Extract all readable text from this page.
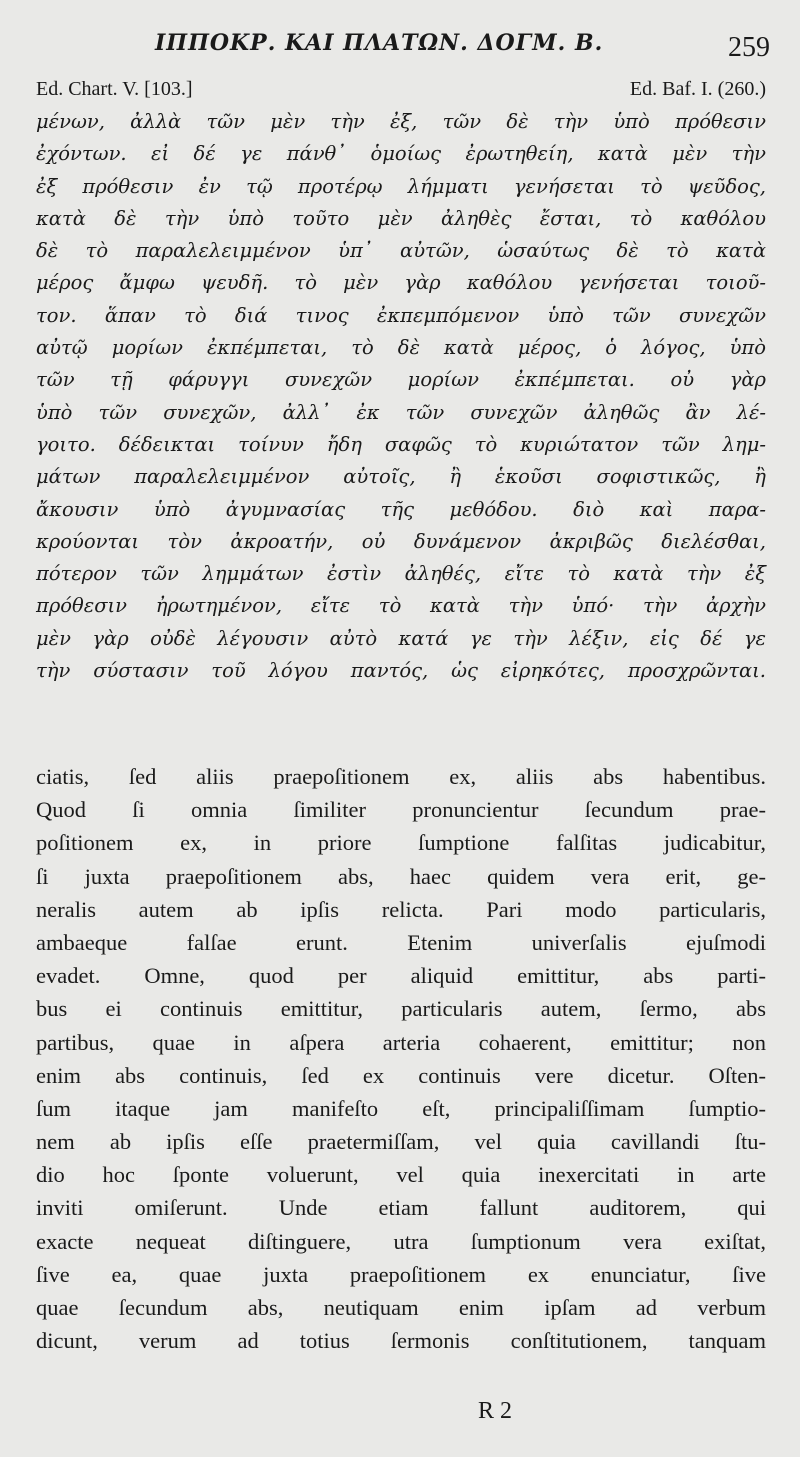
ΙΠΠΟΚΡ. ΚΑΙ ΠΛΑΤΩΝ. ΔΟΓΜ. Β.	259
Ed. Chart. V. [103.]	Ed. Baf. I. (260.)
μένων, ἀλλὰ τῶν μὲν τὴν ἐξ, τῶν δὲ τὴν ὑπὸ πρόθεσιν
ἐχόντων. εἰ δέ γε πάνθ᾽ ὁμοίως ἐρωτηθείη, κατὰ μὲν τὴν
ἐξ πρόθεσιν ἐν τῷ προτέρῳ λήμματι γενήσεται τὸ ψεῦδος,
κατὰ δὲ τὴν ὑπὸ τοῦτο μὲν ἀληθὲς ἔσται, τὸ καθόλου
δὲ τὸ παραλελειμμένον ὑπ᾽ αὐτῶν, ὡσαύτως δὲ τὸ κατὰ
μέρος ἄμφω ψευδῆ. τὸ μὲν γὰρ καθόλου γενήσεται τοιοῦ-
τον. ἅπαν τὸ διά τινος ἐκπεμπόμενον ὑπὸ τῶν συνεχῶν
αὐτῷ μορίων ἐκπέμπεται, τὸ δὲ κατὰ μέρος, ὁ λόγος, ὑπὸ
τῶν τῇ φάρυγγι συνεχῶν μορίων ἐκπέμπεται. οὐ γὰρ
ὑπὸ τῶν συνεχῶν, ἀλλ᾽ ἐκ τῶν συνεχῶν ἀληθῶς ἂν λέ-
γοιτο. δέδεικται τοίνυν ἤδη σαφῶς τὸ κυριώτατον τῶν λημ-
μάτων παραλελειμμένον αὐτοῖς, ἢ ἑκοῦσι σοφιστικῶς, ἢ
ἄκουσιν ὑπὸ ἀγυμνασίας τῆς μεθόδου. διὸ καὶ παρα-
κρούονται τὸν ἀκροατήν, οὐ δυνάμενον ἀκριβῶς διελέσθαι,
πότερον τῶν λημμάτων ἐστὶν ἀληθές, εἴτε τὸ κατὰ τὴν ἐξ
πρόθεσιν ἠρωτημένον, εἴτε τὸ κατὰ τὴν ὑπό· τὴν ἀρχὴν
μὲν γὰρ οὐδὲ λέγουσιν αὐτὸ κατά γε τὴν λέξιν, εἰς δέ γε
τὴν σύστασιν τοῦ λόγου παντός, ὡς εἰρηκότες, προσχρῶνται.
ciatis, ſed aliis praepoſitionem ex, aliis abs habentibus.
Quod ſi omnia ſimiliter pronuncientur ſecundum prae-
poſitionem ex, in priore ſumptione falſitas judicabitur,
ſi juxta praepoſitionem abs, haec quidem vera erit, ge-
neralis autem ab ipſis relicta. Pari modo particularis,
ambaeque falſae erunt. Etenim univerſalis ejuſmodi
evadet. Omne, quod per aliquid emittitur, abs parti-
bus ei continuis emittitur, particularis autem, ſermo, abs
partibus, quae in aſpera arteria cohaerent, emittitur; non
enim abs continuis, ſed ex continuis vere dicetur. Oſten-
ſum itaque jam manifeſto eſt, principaliſſimam ſumptio-
nem ab ipſis eſſe praetermiſſam, vel quia cavillandi ſtu-
dio hoc ſponte voluerunt, vel quia inexercitati in arte
inviti omiſerunt. Unde etiam fallunt auditorem, qui
exacte nequeat diſtinguere, utra ſumptionum vera exiſtat,
ſive ea, quae juxta praepoſitionem ex enunciatur, ſive
quae ſecundum abs, neutiquam enim ipſam ad verbum
dicunt, verum ad totius ſermonis conſtitutionem, tanquam
R 2
